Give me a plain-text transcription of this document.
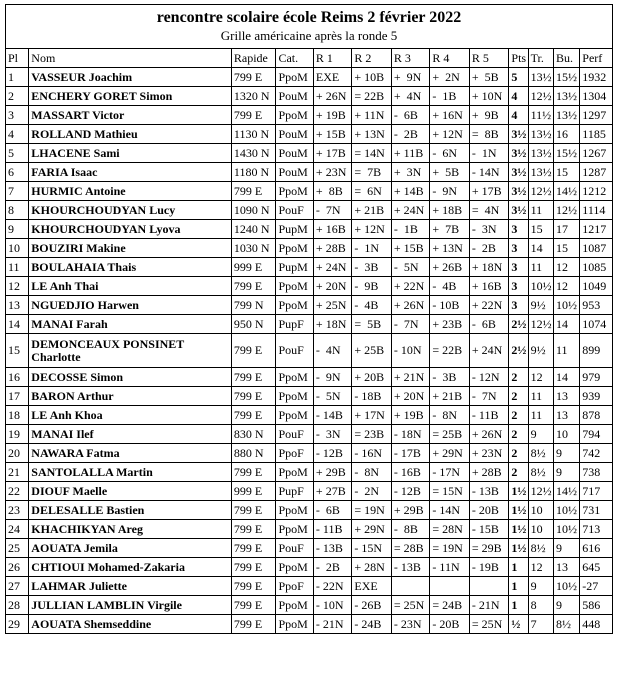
rencontre scolaire école Reims 2 février 2022
Grille américaine après la ronde 5												

Pl	Nom	Rapide	Cat.	R 1	R 2	R 3	R 4	R 5	Pts	Tr.	Bu.	Perf
1	VASSEUR Joachim	799 E	PpoM	EXE	+ 10B	+  9N	+  2N	+  5B	5	13½	15½	1932
2	ENCHERY GORET Simon	1320 N	PouM	+ 26N	= 22B	+  4N	-  1B	+ 10N	4	12½	13½	1304
3	MASSART Victor	799 E	PpoM	+ 19B	+ 11N	-  6B	+ 16N	+  9B	4	11½	13½	1297
4	ROLLAND Mathieu	1130 N	PouM	+ 15B	+ 13N	-  2B	+ 12N	=  8B	3½	13½	16	1185
5	LHACENE Sami	1430 N	PouM	+ 17B	= 14N	+ 11B	-  6N	-  1N	3½	13½	15½	1267
6	FARIA Isaac	1180 N	PouM	+ 23N	=  7B	+  3N	+  5B	- 14N	3½	13½	15	1287
7	HURMIC Antoine	799 E	PpoM	+  8B	=  6N	+ 14B	-  9N	+ 17B	3½	12½	14½	1212
8	KHOURCHOUDYAN Lucy	1090 N	PouF	-  7N	+ 21B	+ 24N	+ 18B	=  4N	3½	11	12½	1114
9	KHOURCHOUDYAN Lyova	1240 N	PupM	+ 16B	+ 12N	-  1B	+  7B	-  3N	3	15	17	1217
10	BOUZIRI Makine	1030 N	PpoM	+ 28B	-  1N	+ 15B	+ 13N	-  2B	3	14	15	1087
11	BOULAHAIA Thais	999 E	PupM	+ 24N	-  3B	-  5N	+ 26B	+ 18N	3	11	12	1085
12	LE Anh Thai	799 E	PpoM	+ 20N	-  9B	+ 22N	-  4B	+ 16B	3	10½	12	1049
13	NGUEDJIO Harwen	799 N	PpoM	+ 25N	-  4B	+ 26N	- 10B	+ 22N	3	9½	10½	953
14	MANAI Farah	950 N	PupF	+ 18N	=  5B	-  7N	+ 23B	-  6B	2½	12½	14	1074
15	DEMONCEAUX PONSINET Charlotte	799 E	PouF	-  4N	+ 25B	- 10N	= 22B	+ 24N	2½	9½	11	899
16	DECOSSE Simon	799 E	PpoM	-  9N	+ 20B	+ 21N	-  3B	- 12N	2	12	14	979
17	BARON Arthur	799 E	PpoM	-  5N	- 18B	+ 20N	+ 21B	-  7N	2	11	13	939
18	LE Anh Khoa	799 E	PpoM	- 14B	+ 17N	+ 19B	-  8N	- 11B	2	11	13	878
19	MANAI Ilef	830 N	PouF	-  3N	= 23B	- 18N	= 25B	+ 26N	2	9	10	794
20	NAWARA Fatma	880 N	PpoF	- 12B	- 16N	- 17B	+ 29N	+ 23N	2	8½	9	742
21	SANTOLALLA Martin	799 E	PpoM	+ 29B	-  8N	- 16B	- 17N	+ 28B	2	8½	9	738
22	DIOUF Maelle	999 E	PupF	+ 27B	-  2N	- 12B	= 15N	- 13B	1½	12½	14½	717
23	DELESALLE Bastien	799 E	PpoM	-  6B	= 19N	+ 29B	- 14N	- 20B	1½	10	10½	731
24	KHACHIKYAN Areg	799 E	PpoM	- 11B	+ 29N	-  8B	= 28N	- 15B	1½	10	10½	713
25	AOUATA Jemila	799 E	PouF	- 13B	- 15N	= 28B	= 19N	= 29B	1½	8½	9	616
26	CHTIOUI Mohamed-Zakaria	799 E	PpoM	-  2B	+ 28N	- 13B	- 11N	- 19B	1	12	13	645
27	LAHMAR Juliette	799 E	PpoF	- 22N	EXE				1	9	10½	-27
28	JULLIAN LAMBLIN Virgile	799 E	PpoM	- 10N	- 26B	= 25N	= 24B	- 21N	1	8	9	586
29	AOUATA Shemseddine	799 E	PpoM	- 21N	- 24B	- 23N	- 20B	= 25N	½	7	8½	448
